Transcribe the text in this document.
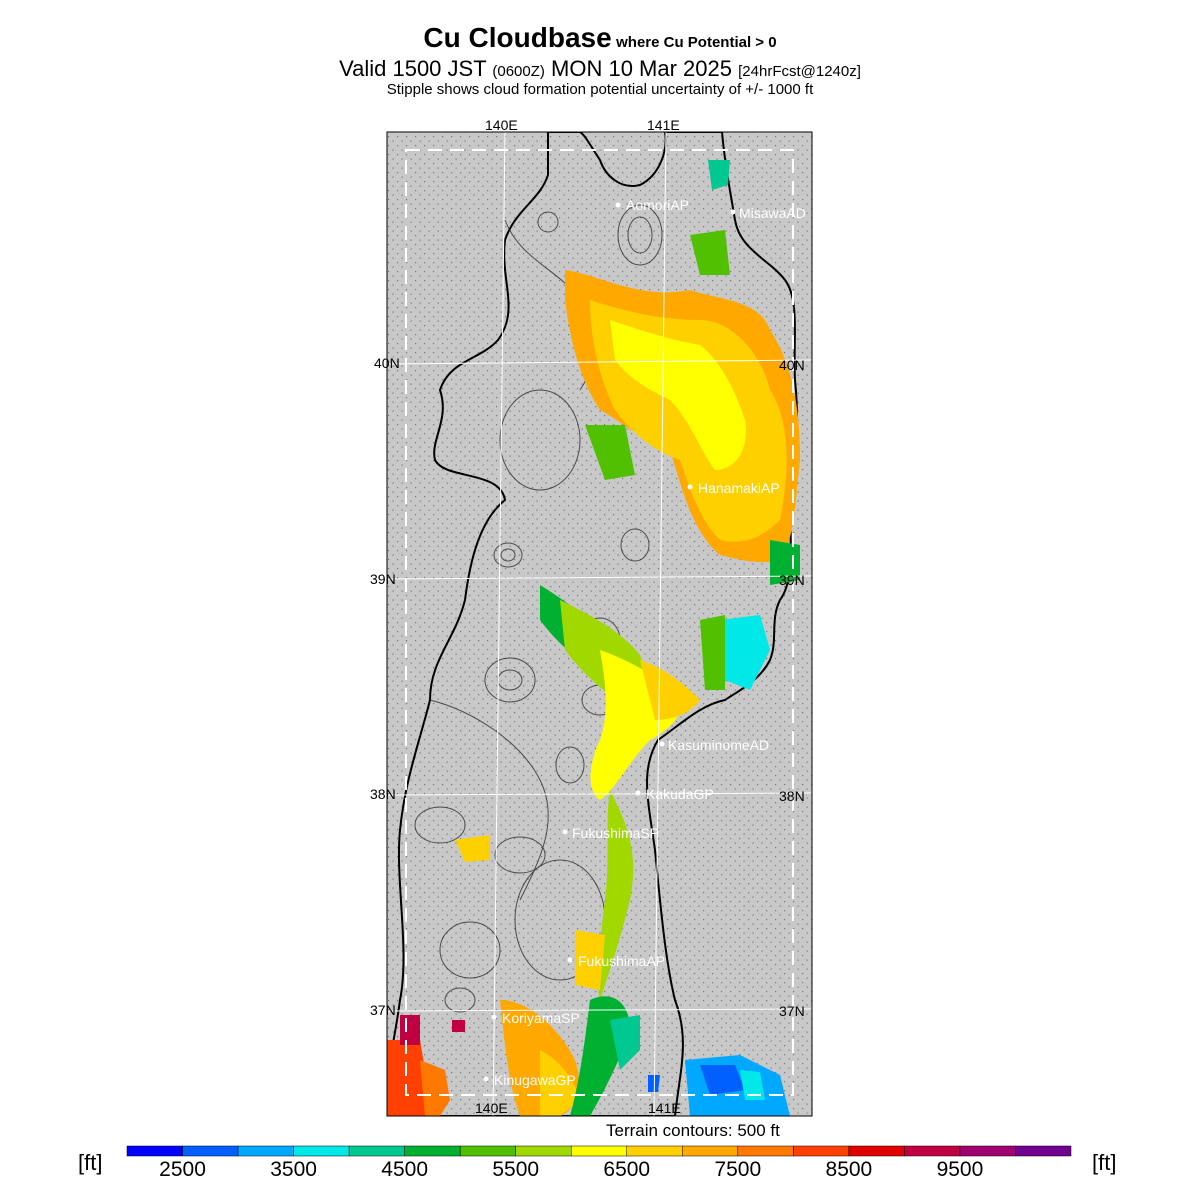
Cu Cloudbase where Cu Potential > 0
Valid 1500 JST (0600Z) MON 10 Mar 2025 [24hrFcst@1240z]
Stipple shows cloud formation potential uncertainty of +/- 1000 ft
140E	141E
140E	141E
40N
39N
38N
37N
40N
39N
38N
37N
AomoriAP	MisawaAD
HanamakiAP
KasuminomeAD
KakudaGP
FukushimaSP
FukushimaAP
KoriyamaSP
KinugawaGP
Terrain contours: 500 ft
[ft]	[ft]
2500	3500	4500	5500	6500	7500	8500	9500
